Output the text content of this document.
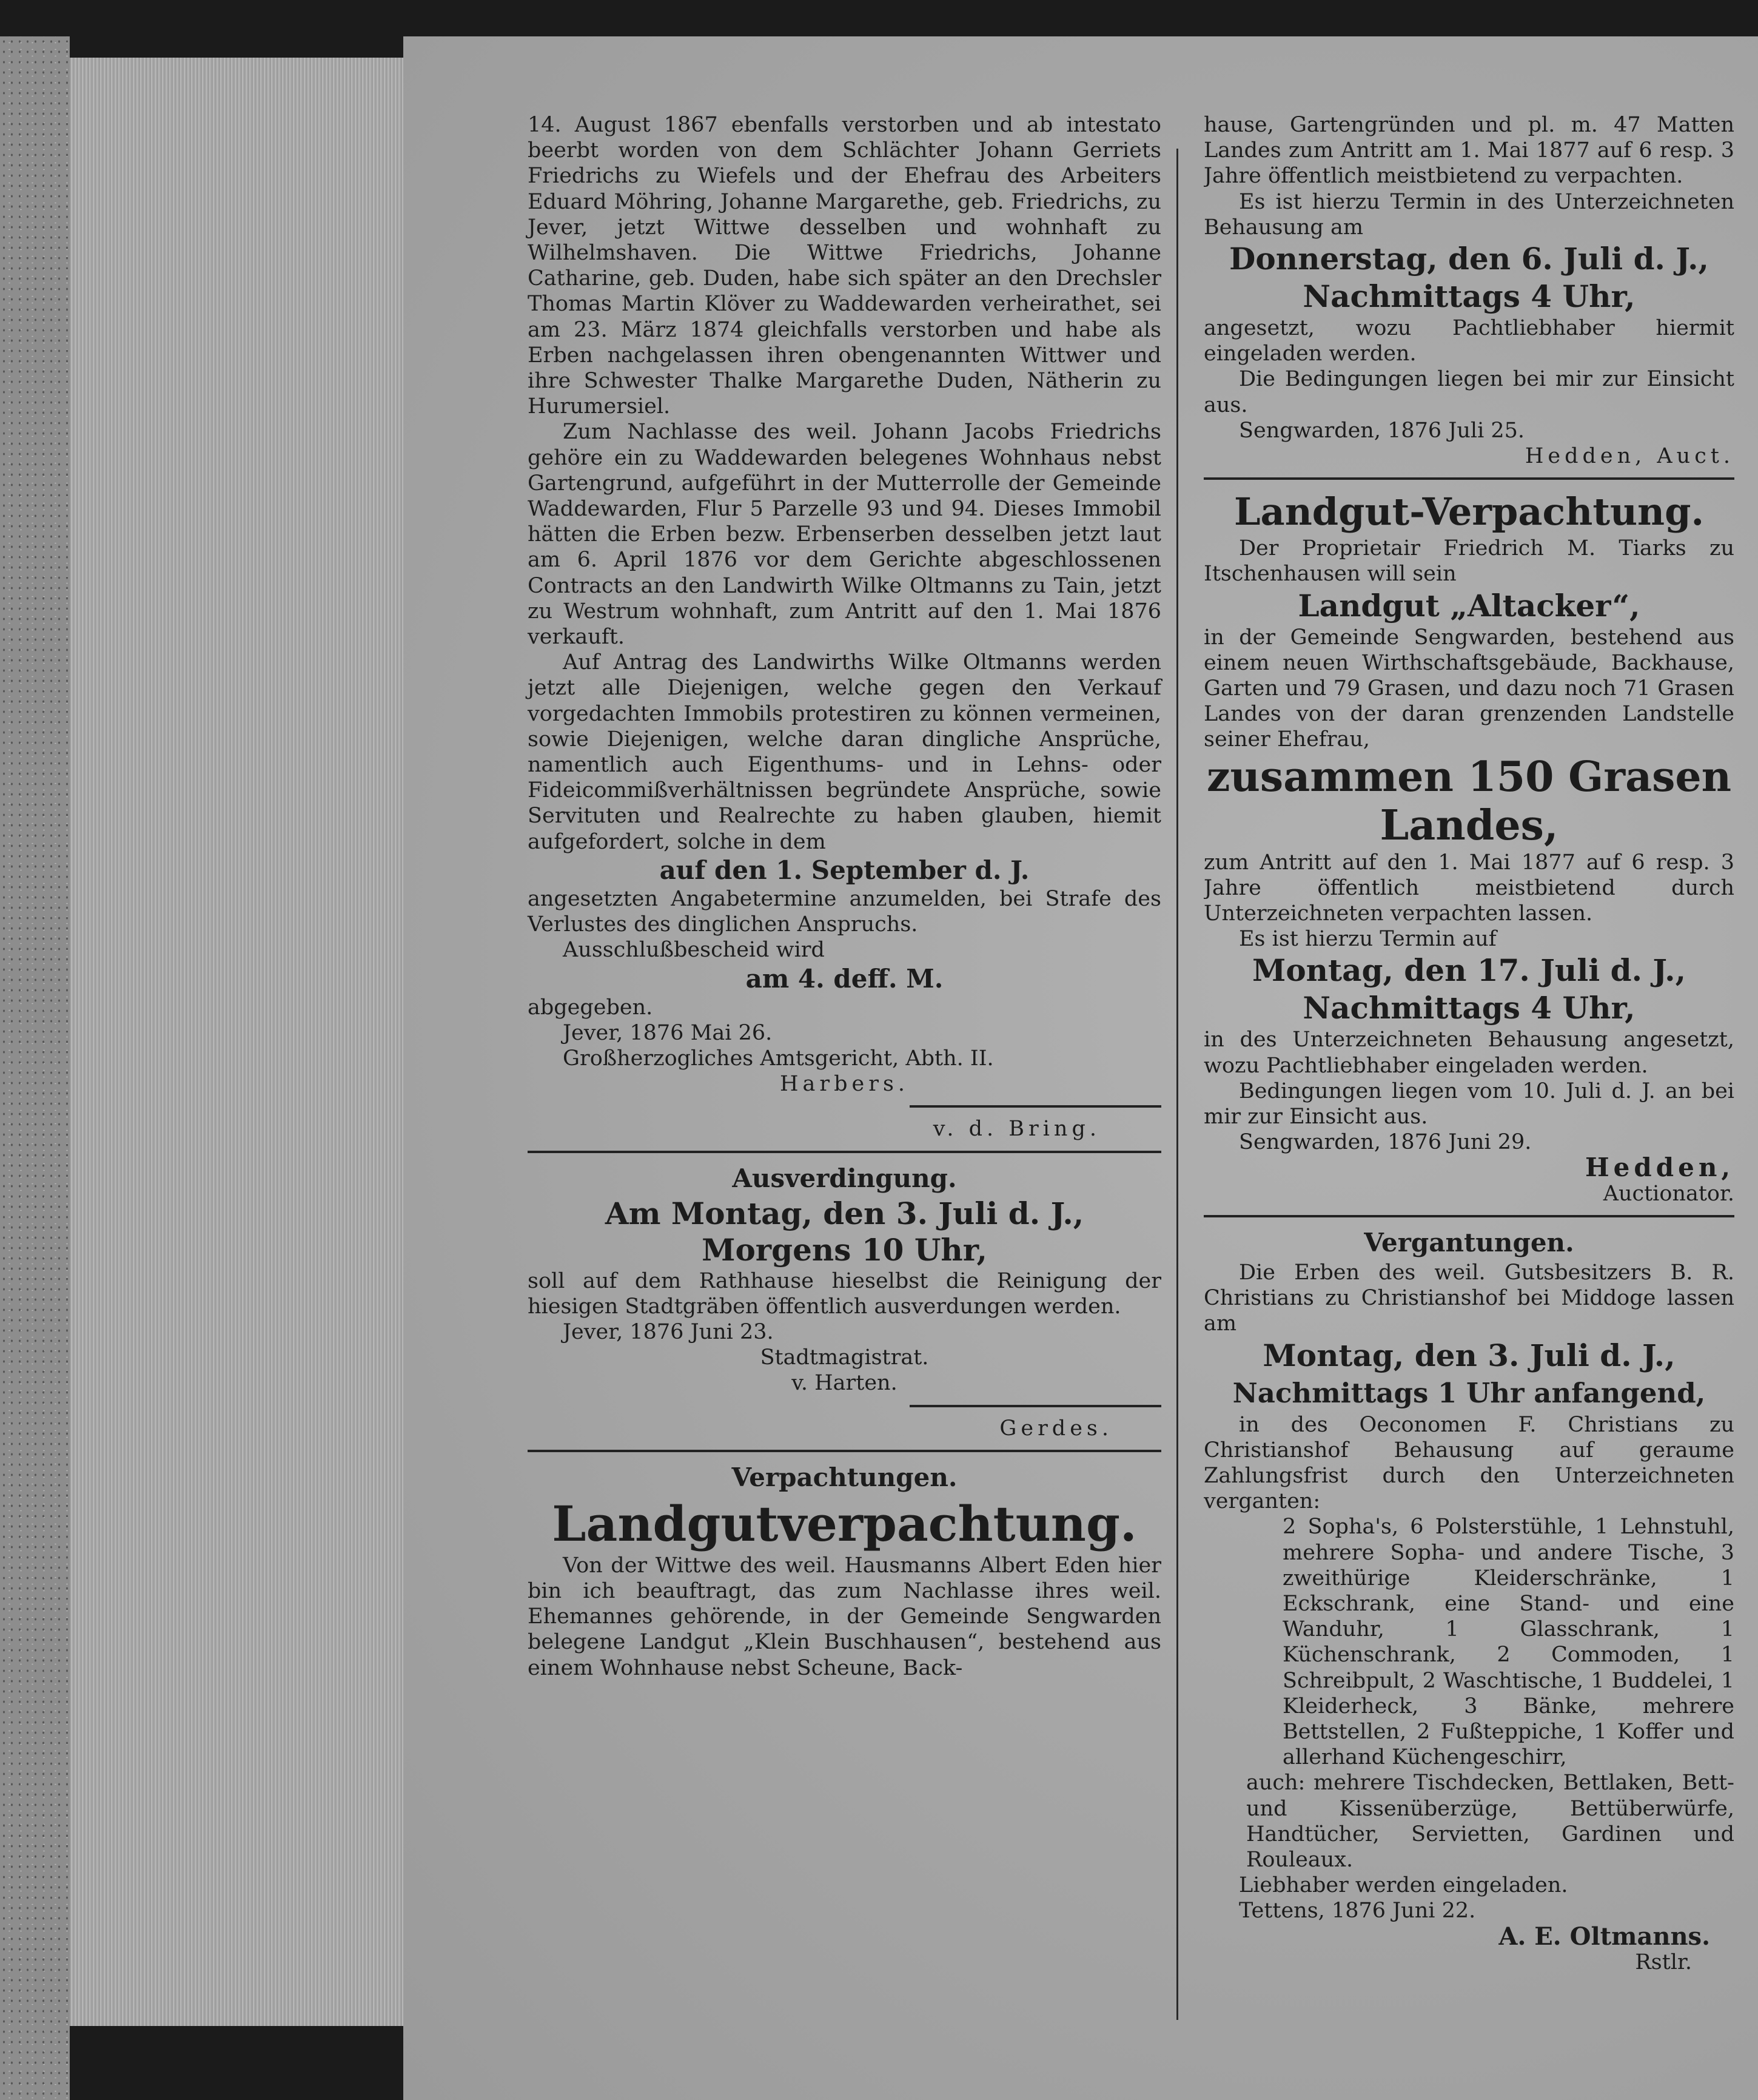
14. August 1867 ebenfalls verstorben und ab intestato beerbt worden von dem Schlächter Johann Gerriets Friedrichs zu Wiefels und der Ehefrau des Arbeiters Eduard Möhring, Johanne Margarethe, geb. Friedrichs, zu Jever, jetzt Wittwe desselben und wohnhaft zu Wilhelmshaven. Die Wittwe Friedrichs, Johanne Catharine, geb. Duden, habe sich später an den Drechsler Thomas Martin Klöver zu Waddewarden verheirathet, sei am 23. März 1874 gleichfalls verstorben und habe als Erben nachgelassen ihren obengenannten Wittwer und ihre Schwester Thalke Margarethe Duden, Nätherin zu Hurumersiel.

Zum Nachlasse des weil. Johann Jacobs Friedrichs gehöre ein zu Waddewarden belegenes Wohnhaus nebst Gartengrund, aufgeführt in der Mutterrolle der Gemeinde Waddewarden, Flur 5 Parzelle 93 und 94. Dieses Immobil hätten die Erben bezw. Erbenserben desselben jetzt laut am 6. April 1876 vor dem Gerichte abgeschlossenen Contracts an den Landwirth Wilke Oltmanns zu Tain, jetzt zu Westrum wohnhaft, zum Antritt auf den 1. Mai 1876 verkauft.

Auf Antrag des Landwirths Wilke Oltmanns werden jetzt alle Diejenigen, welche gegen den Verkauf vorgedachten Immobils protestiren zu können vermeinen, sowie Diejenigen, welche daran dingliche Ansprüche, namentlich auch Eigenthums- und in Lehns- oder Fideicommißverhältnissen begründete Ansprüche, sowie Servituten und Realrechte zu haben glauben, hiemit aufgefordert, solche in dem

auf den 1. September d. J.

angesetzten Angabetermine anzumelden, bei Strafe des Verlustes des dinglichen Anspruchs.

Ausschlußbescheid wird

am 4. deff. M.

abgegeben.

Jever, 1876 Mai 26.

Großherzogliches Amtsgericht, Abth. II.

Harbers.

v. d. Bring.

Ausverdingung.

Am Montag, den 3. Juli d. J.,

Morgens 10 Uhr,

soll auf dem Rathhause hieselbst die Reinigung der hiesigen Stadtgräben öffentlich ausverdungen werden.

Jever, 1876 Juni 23.

Stadtmagistrat.

v. Harten.

Gerdes.

Verpachtungen.

Landgutverpachtung.

Von der Wittwe des weil. Hausmanns Albert Eden hier bin ich beauftragt, das zum Nachlasse ihres weil. Ehemannes gehörende, in der Gemeinde Sengwarden belegene Landgut „Klein Buschhausen“, bestehend aus einem Wohnhause nebst Scheune, Back-

hause, Gartengründen und pl. m. 47 Matten Landes zum Antritt am 1. Mai 1877 auf 6 resp. 3 Jahre öffentlich meistbietend zu verpachten.

Es ist hierzu Termin in des Unterzeichneten Behausung am

Donnerstag, den 6. Juli d. J.,

Nachmittags 4 Uhr,

angesetzt, wozu Pachtliebhaber hiermit eingeladen werden.

Die Bedingungen liegen bei mir zur Einsicht aus.

Sengwarden, 1876 Juli 25.

Hedden, Auct.

Landgut-Verpachtung.

Der Proprietair Friedrich M. Tiarks zu Itschenhausen will sein

Landgut „Altacker“,

in der Gemeinde Sengwarden, bestehend aus einem neuen Wirthschaftsgebäude, Backhause, Garten und 79 Grasen, und dazu noch 71 Grasen Landes von der daran grenzenden Landstelle seiner Ehefrau,

zusammen 150 Grasen

Landes,

zum Antritt auf den 1. Mai 1877 auf 6 resp. 3 Jahre öffentlich meistbietend durch Unterzeichneten verpachten lassen.

Es ist hierzu Termin auf

Montag, den 17. Juli d. J.,

Nachmittags 4 Uhr,

in des Unterzeichneten Behausung angesetzt, wozu Pachtliebhaber eingeladen werden.

Bedingungen liegen vom 10. Juli d. J. an bei mir zur Einsicht aus.

Sengwarden, 1876 Juni 29.

Hedden,

Auctionator.

Vergantungen.

Die Erben des weil. Gutsbesitzers B. R. Christians zu Christianshof bei Middoge lassen am

Montag, den 3. Juli d. J.,

Nachmittags 1 Uhr anfangend,

in des Oeconomen F. Christians zu Christianshof Behausung auf geraume Zahlungsfrist durch den Unterzeichneten verganten:

2 Sopha's, 6 Polsterstühle, 1 Lehnstuhl, mehrere Sopha- und andere Tische, 3 zweithürige Kleiderschränke, 1 Eckschrank, eine Stand- und eine Wanduhr, 1 Glasschrank, 1 Küchenschrank, 2 Commoden, 1 Schreibpult, 2 Waschtische, 1 Buddelei, 1 Kleiderheck, 3 Bänke, mehrere Bettstellen, 2 Fußteppiche, 1 Koffer und allerhand Küchengeschirr,

auch: mehrere Tischdecken, Bettlaken, Bett- und Kissenüberzüge, Bettüberwürfe, Handtücher, Servietten, Gardinen und Rouleaux.

Liebhaber werden eingeladen.

Tettens, 1876 Juni 22.

A. E. Oltmanns.

Rstlr.
